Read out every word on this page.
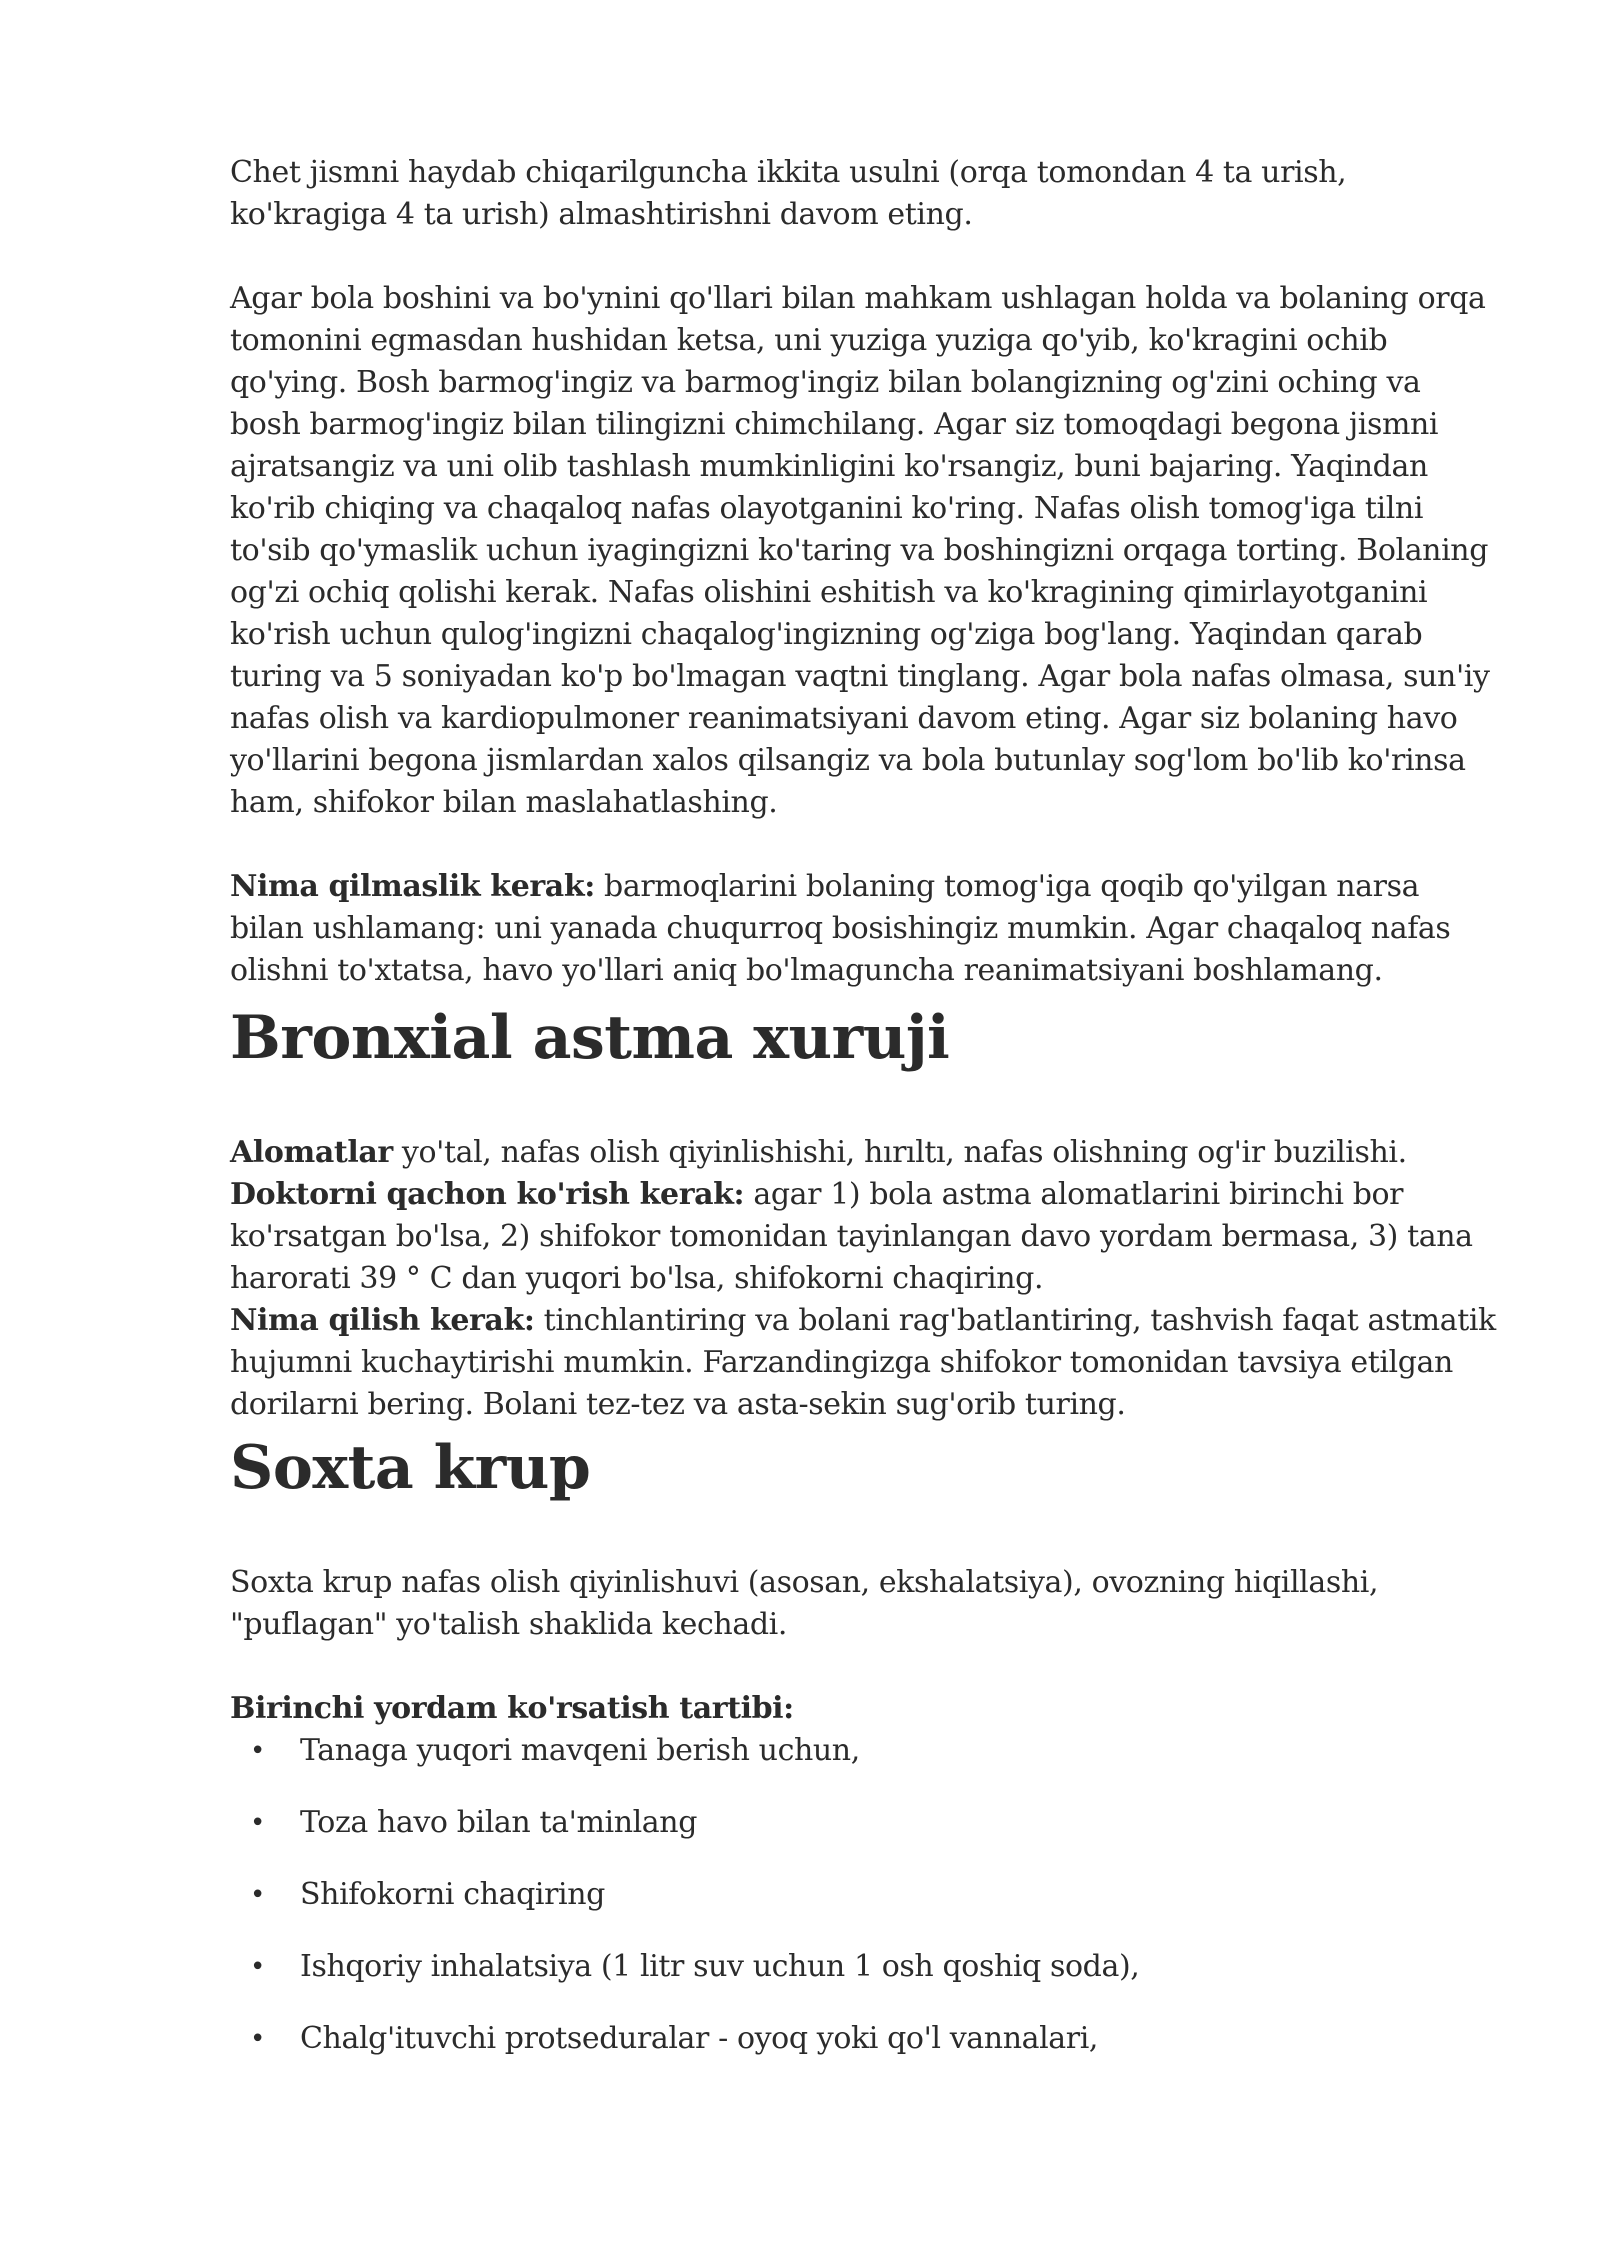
Chet jismni haydab chiqarilguncha ikkita usulni (orqa tomondan 4 ta urish, ko'kragiga 4 ta urish) almashtirishni davom eting.

Agar bola boshini va bo'ynini qo'llari bilan mahkam ushlagan holda va bolaning orqa tomonini egmasdan hushidan ketsa, uni yuziga yuziga qo'yib, ko'kragini ochib qo'ying. Bosh barmog'ingiz va barmog'ingiz bilan bolangizning og'zini oching va bosh barmog'ingiz bilan tilingizni chimchilang. Agar siz tomoqdagi begona jismni ajratsangiz va uni olib tashlash mumkinligini ko'rsangiz, buni bajaring. Yaqindan ko'rib chiqing va chaqaloq nafas olayotganini ko'ring. Nafas olish tomog'iga tilni to'sib qo'ymaslik uchun iyagingizni ko'taring va boshingizni orqaga torting. Bolaning og'zi ochiq qolishi kerak. Nafas olishini eshitish va ko'kragining qimirlayotganini ko'rish uchun qulog'ingizni chaqalog'ingizning og'ziga bog'lang. Yaqindan qarab turing va 5 soniyadan ko'p bo'lmagan vaqtni tinglang. Agar bola nafas olmasa, sun'iy nafas olish va kardiopulmoner reanimatsiyani davom eting. Agar siz bolaning havo yo'llarini begona jismlardan xalos qilsangiz va bola butunlay sog'lom bo'lib ko'rinsa ham, shifokor bilan maslahatlashing.

Nima qilmaslik kerak: barmoqlarini bolaning tomog'iga qoqib qo'yilgan narsa bilan ushlamang: uni yanada chuqurroq bosishingiz mumkin. Agar chaqaloq nafas olishni to'xtatsa, havo yo'llari aniq bo'lmaguncha reanimatsiyani boshlamang.

Bronxial astma xuruji

Alomatlar yo'tal, nafas olish qiyinlishishi, hırıltı, nafas olishning og'ir buzilishi.

Doktorni qachon ko'rish kerak: agar 1) bola astma alomatlarini birinchi bor ko'rsatgan bo'lsa, 2) shifokor tomonidan tayinlangan davo yordam bermasa, 3) tana harorati 39 ° C dan yuqori bo'lsa, shifokorni chaqiring.

Nima qilish kerak: tinchlantiring va bolani rag'batlantiring, tashvish faqat astmatik hujumni kuchaytirishi mumkin. Farzandingizga shifokor tomonidan tavsiya etilgan dorilarni bering. Bolani tez-tez va asta-sekin sug'orib turing.

Soxta krup

Soxta krup nafas olish qiyinlishuvi (asosan, ekshalatsiya), ovozning hiqillashi, "puflagan" yo'talish shaklida kechadi.

Birinchi yordam ko'rsatish tartibi:

• Tanaga yuqori mavqeni berish uchun,
• Toza havo bilan ta'minlang
• Shifokorni chaqiring
• Ishqoriy inhalatsiya (1 litr suv uchun 1 osh qoshiq soda),
• Chalg'ituvchi protseduralar - oyoq yoki qo'l vannalari,
